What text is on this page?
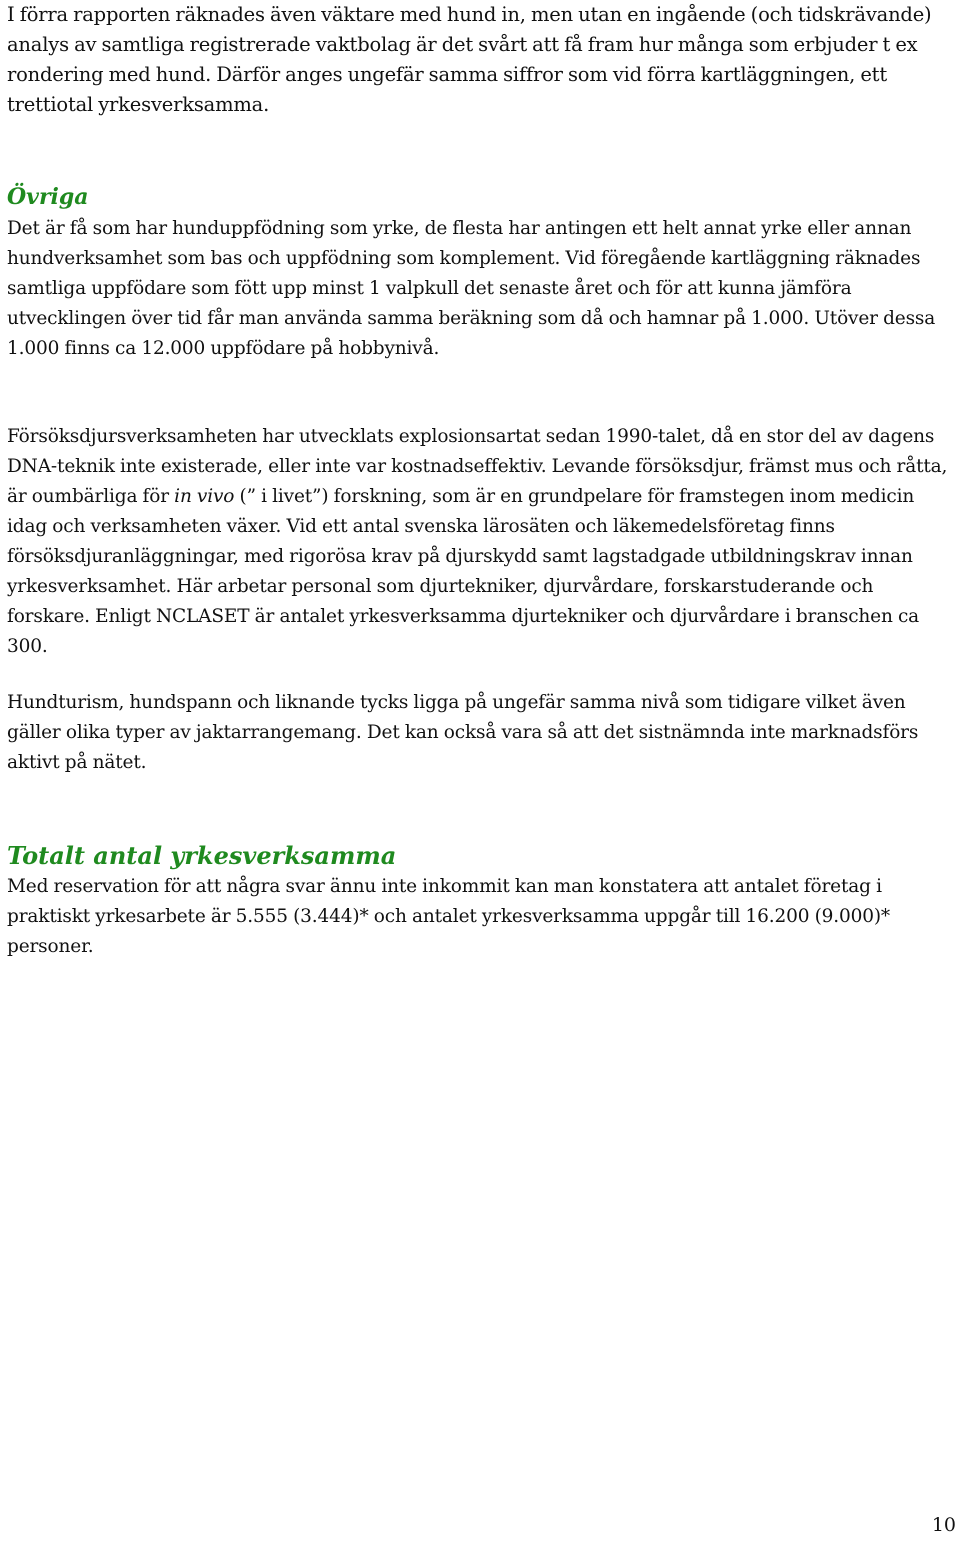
I förra rapporten räknades även väktare med hund in, men utan en ingående (och tidskrävande) analys av samtliga registrerade vaktbolag är det svårt att få fram hur många som erbjuder t ex rondering med hund. Därför anges ungefär samma siffror som vid förra kartläggningen, ett trettiotal yrkesverksamma.

Övriga

Det är få som har hunduppfödning som yrke, de flesta har antingen ett helt annat yrke eller annan hundverksamhet som bas och uppfödning som komplement. Vid föregående kartläggning räknades samtliga uppfödare som fött upp minst 1 valpkull det senaste året och för att kunna jämföra utvecklingen över tid får man använda samma beräkning som då och hamnar på 1.000. Utöver dessa 1.000 finns ca 12.000 uppfödare på hobbynivå.

Försöksdjursverksamheten har utvecklats explosionsartat sedan 1990-talet, då en stor del av dagens DNA-teknik inte existerade, eller inte var kostnadseffektiv. Levande försöksdjur, främst mus och råtta, är oumbärliga för in vivo (” i livet”) forskning, som är en grundpelare för framstegen inom medicin idag och verksamheten växer. Vid ett antal svenska lärosäten och läkemedelsföretag finns försöksdjuranläggningar, med rigorösa krav på djurskydd samt lagstadgade utbildningskrav innan yrkesverksamhet. Här arbetar personal som djurtekniker, djurvårdare, forskarstuderande och forskare. Enligt NCLASET är antalet yrkesverksamma djurtekniker och djurvårdare i branschen ca 300.

Hundturism, hundspann och liknande tycks ligga på ungefär samma nivå som tidigare vilket även gäller olika typer av jaktarrangemang. Det kan också vara så att det sistnämnda inte marknadsförs aktivt på nätet.

Totalt antal yrkesverksamma

Med reservation för att några svar ännu inte inkommit kan man konstatera att antalet företag i praktiskt yrkesarbete är 5.555 (3.444)* och antalet yrkesverksamma uppgår till 16.200 (9.000)* personer.

10
